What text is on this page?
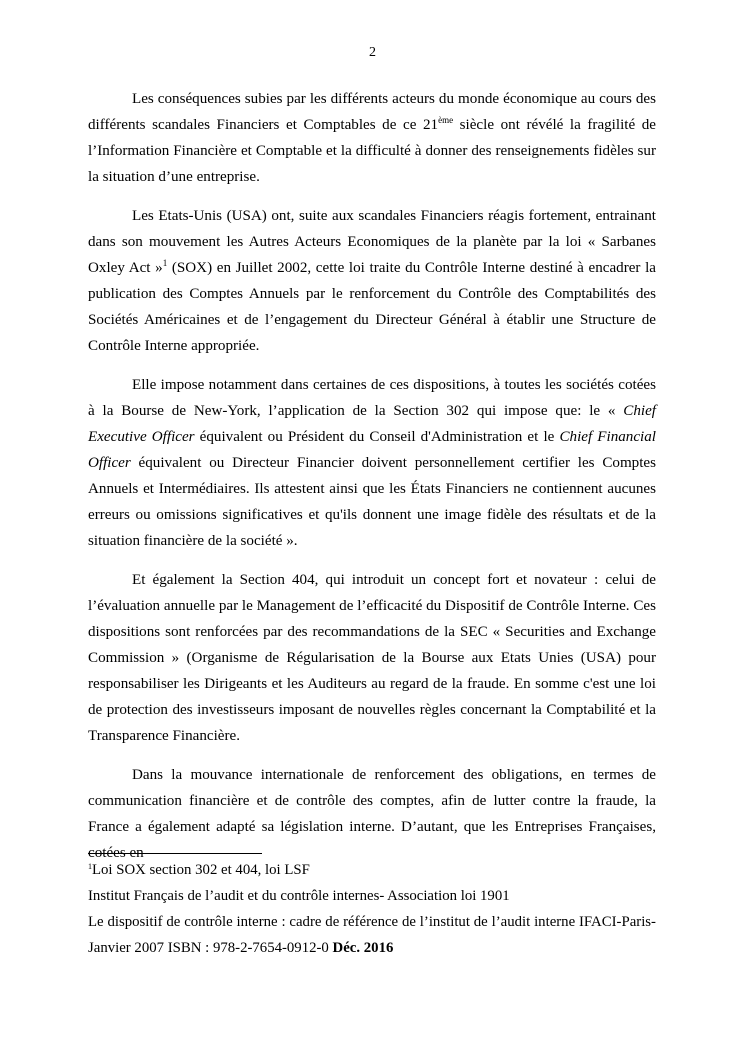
2

Les conséquences subies par les différents acteurs du monde économique au cours des différents scandales Financiers et Comptables de ce 21ème siècle ont révélé la fragilité de l’Information Financière et Comptable et la difficulté à donner des renseignements fidèles sur la situation d’une entreprise.

Les Etats-Unis (USA) ont, suite aux scandales Financiers réagis fortement, entrainant dans son mouvement les Autres Acteurs Economiques de la planète par la loi « Sarbanes Oxley Act »$^1$ (SOX) en Juillet 2002, cette loi traite du Contrôle Interne destiné à encadrer la publication des Comptes Annuels par le renforcement du Contrôle des Comptabilités des Sociétés Américaines et de l’engagement du Directeur Général à établir une Structure de Contrôle Interne appropriée.

Elle impose notamment dans certaines de ces dispositions, à toutes les sociétés cotées à la Bourse de New-York, l’application de la Section 302 qui impose que: le « Chief Executive Officer équivalent ou Président du Conseil d'Administration et le Chief Financial Officer équivalent ou Directeur Financier doivent personnellement certifier les Comptes Annuels et Intermédiaires. Ils attestent ainsi que les États Financiers ne contiennent aucunes erreurs ou omissions significatives et qu'ils donnent une image fidèle des résultats et de la situation financière de la société ».

Et également la Section 404, qui introduit un concept fort et novateur : celui de l’évaluation annuelle par le Management de l’efficacité du Dispositif de Contrôle Interne. Ces dispositions sont renforcées par des recommandations de la SEC « Securities and Exchange Commission » (Organisme de Régularisation de la Bourse aux Etats Unies (USA) pour responsabiliser les Dirigeants et les Auditeurs au regard de la fraude. En somme c'est une loi de protection des investisseurs imposant de nouvelles règles concernant la Comptabilité et la Transparence Financière.

Dans la mouvance internationale de renforcement des obligations, en termes de communication financière et de contrôle des comptes, afin de lutter contre la fraude, la France a également adapté sa législation interne. D’autant, que les Entreprises Françaises, cotées en

$^1$Loi SOX section 302 et 404, loi LSF

Institut Français de l’audit et du contrôle internes- Association loi 1901

Le dispositif de contrôle interne : cadre de référence de l’institut de l’audit interne IFACI-Paris- Janvier 2007 ISBN : 978-2-7654-0912-0 Déc. 2016
